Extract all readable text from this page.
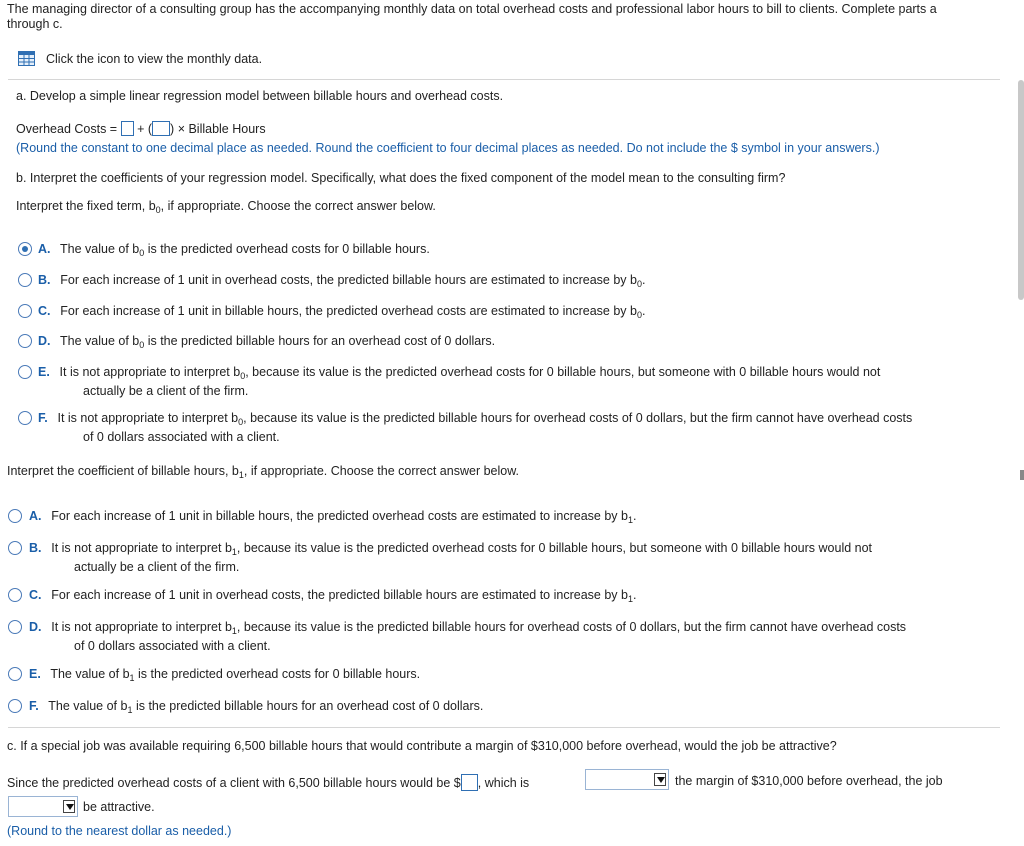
The managing director of a consulting group has the accompanying monthly data on total overhead costs and professional labor hours to bill to clients. Complete parts a
through c.
Click the icon to view the monthly data.
a. Develop a simple linear regression model between billable hours and overhead costs.
Overhead Costs = + ( ) × Billable Hours
(Round the constant to one decimal place as needed. Round the coefficient to four decimal places as needed. Do not include the $ symbol in your answers.)
b. Interpret the coefficients of your regression model. Specifically, what does the fixed component of the model mean to the consulting firm?
Interpret the fixed term, $b_0$, if appropriate. Choose the correct answer below.
A.  The value of $b_0$ is the predicted overhead costs for 0 billable hours.
B.  For each increase of 1 unit in overhead costs, the predicted billable hours are estimated to increase by $b_0$.
C.  For each increase of 1 unit in billable hours, the predicted overhead costs are estimated to increase by $b_0$.
D.  The value of $b_0$ is the predicted billable hours for an overhead cost of 0 dollars.
E.  It is not appropriate to interpret $b_0$, because its value is the predicted overhead costs for 0 billable hours, but someone with 0 billable hours would not
actually be a client of the firm.
F.  It is not appropriate to interpret $b_0$, because its value is the predicted billable hours for overhead costs of 0 dollars, but the firm cannot have overhead costs
of 0 dollars associated with a client.
Interpret the coefficient of billable hours, $b_1$, if appropriate. Choose the correct answer below.
A.  For each increase of 1 unit in billable hours, the predicted overhead costs are estimated to increase by $b_1$.
B.  It is not appropriate to interpret $b_1$, because its value is the predicted overhead costs for 0 billable hours, but someone with 0 billable hours would not
actually be a client of the firm.
C.  For each increase of 1 unit in overhead costs, the predicted billable hours are estimated to increase by $b_1$.
D.  It is not appropriate to interpret $b_1$, because its value is the predicted billable hours for overhead costs of 0 dollars, but the firm cannot have overhead costs
of 0 dollars associated with a client.
E.  The value of $b_1$ is the predicted overhead costs for 0 billable hours.
F.  The value of $b_1$ is the predicted billable hours for an overhead cost of 0 dollars.
c. If a special job was available requiring 6,500 billable hours that would contribute a margin of $310,000 before overhead, would the job be attractive?
Since the predicted overhead costs of a client with 6,500 billable hours would be $ , which is	the margin of $310,000 before overhead, the job
be attractive.
(Round to the nearest dollar as needed.)
